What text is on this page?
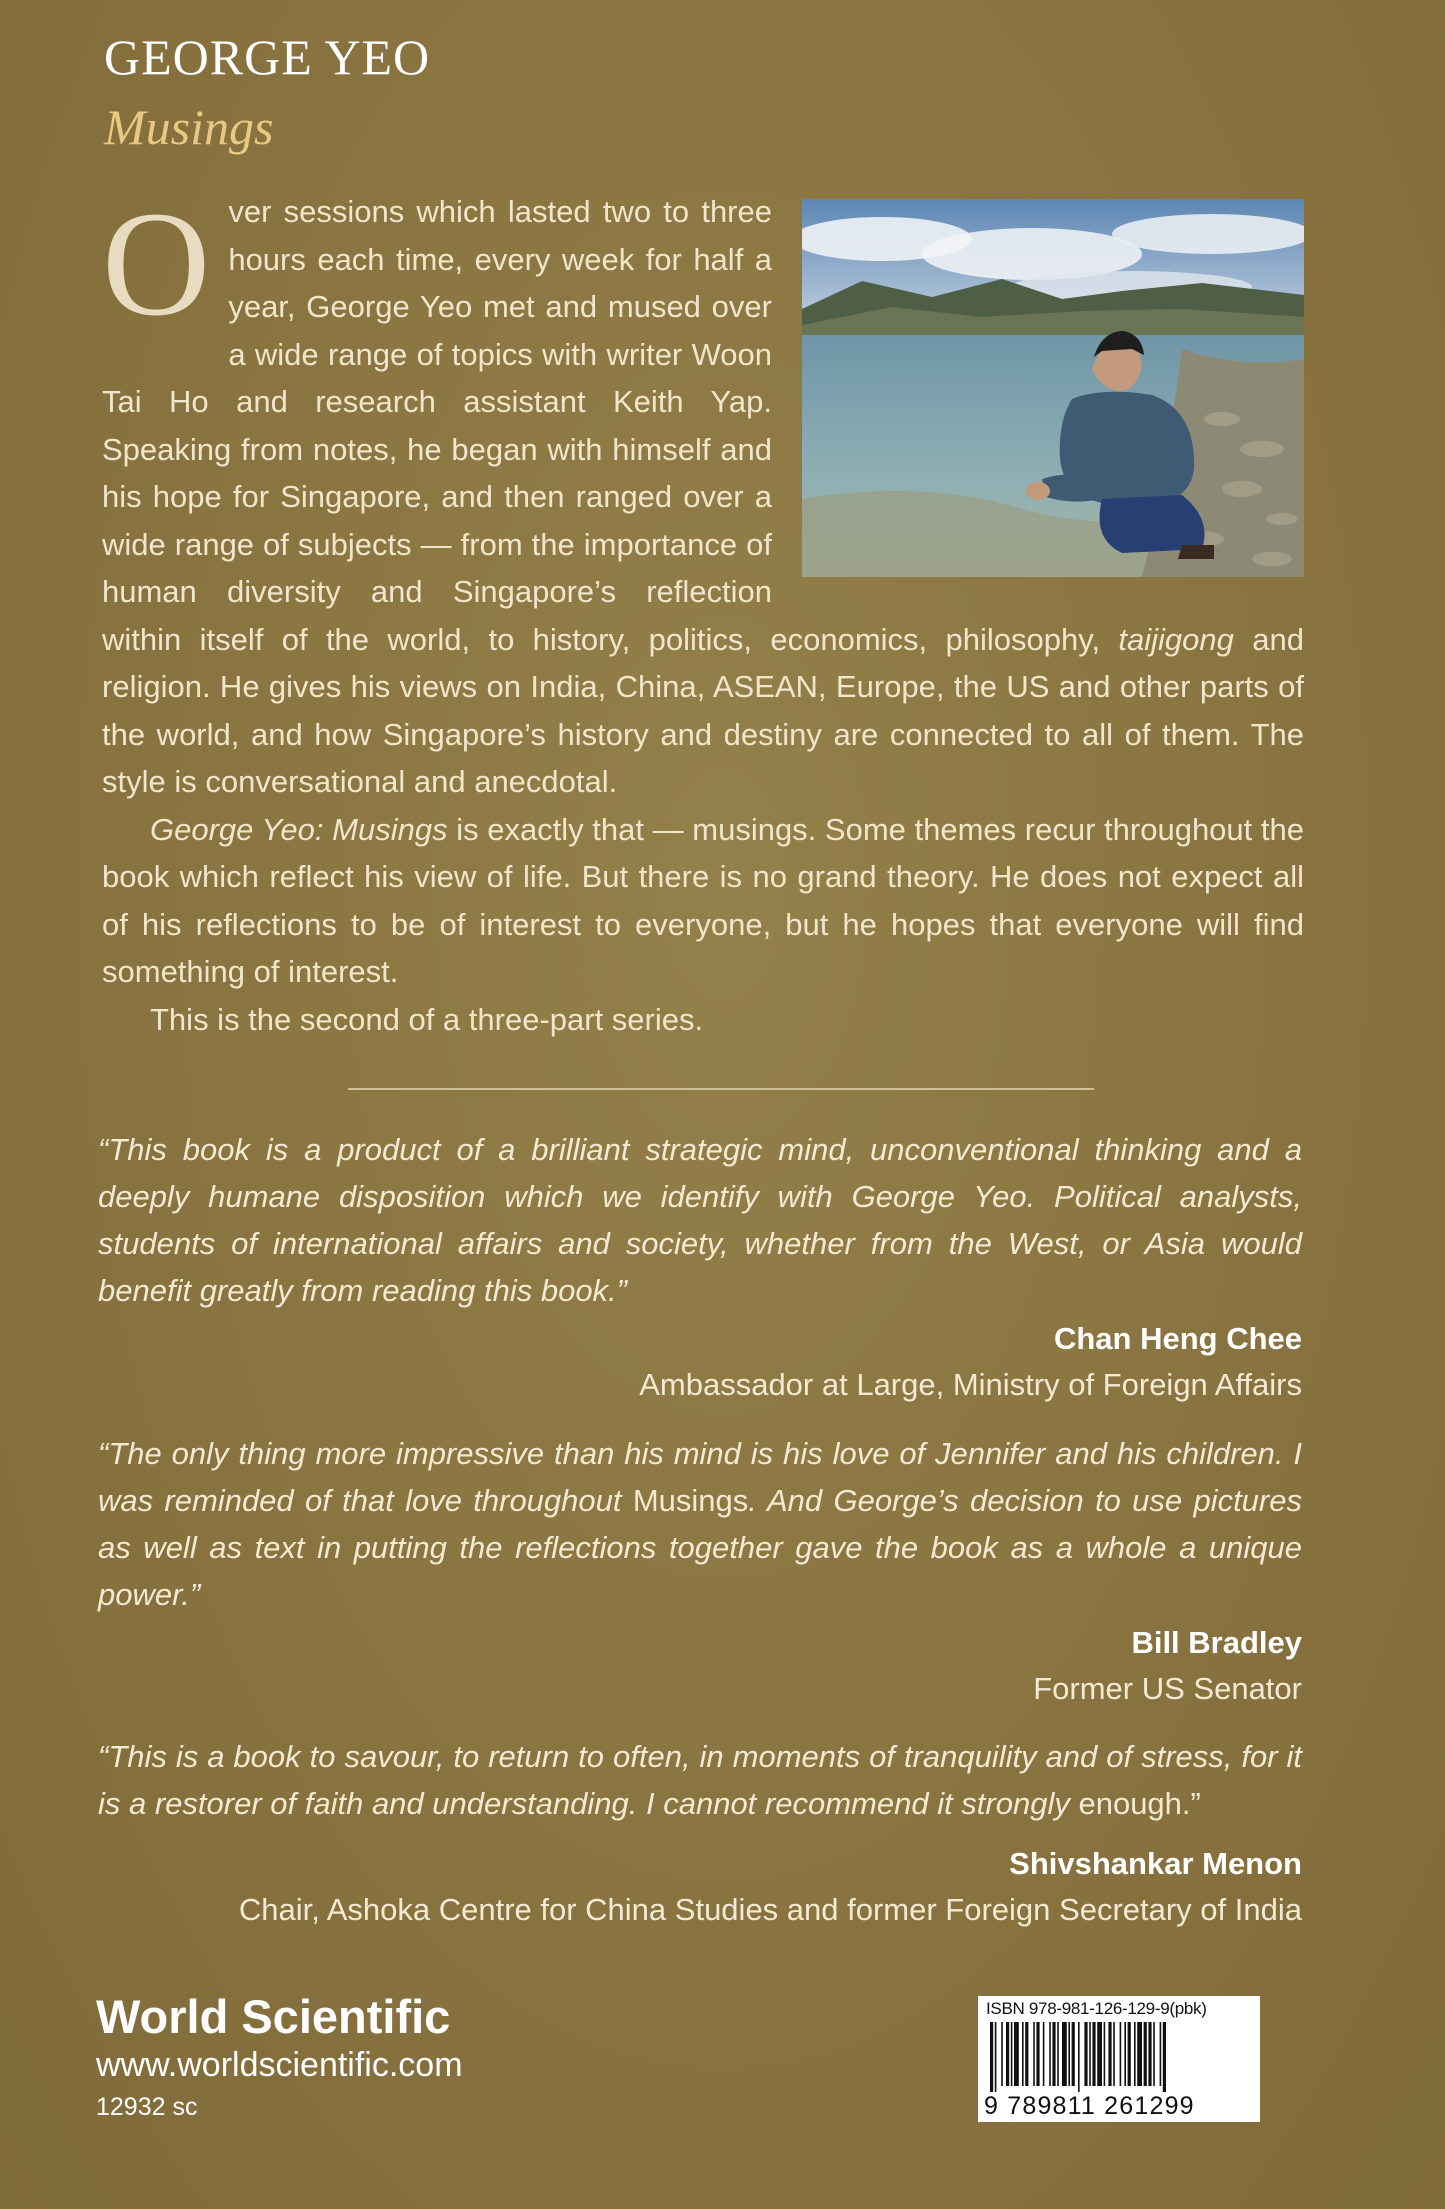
GEORGE YEO
Musings

Over sessions which lasted two to three hours each time, every week for half a year, George Yeo met and mused over a wide range of topics with writer Woon Tai Ho and research assistant Keith Yap. Speaking from notes, he began with himself and his hope for Singapore, and then ranged over a wide range of subjects — from the importance of human diversity and Singapore’s reflection within itself of the world, to history, politics, economics, philosophy, taijigong and religion. He gives his views on India, China, ASEAN, Europe, the US and other parts of the world, and how Singapore’s history and destiny are connected to all of them. The style is conversational and anecdotal.

George Yeo: Musings is exactly that — musings. Some themes recur throughout the book which reflect his view of life. But there is no grand theory. He does not expect all of his reflections to be of interest to everyone, but he hopes that everyone will find something of interest.

This is the second of a three-part series.

“This book is a product of a brilliant strategic mind, unconventional thinking and a deeply humane disposition which we identify with George Yeo. Political analysts, students of international affairs and society, whether from the West, or Asia would benefit greatly from reading this book.”

Chan Heng Chee
Ambassador at Large, Ministry of Foreign Affairs

“The only thing more impressive than his mind is his love of Jennifer and his children. I was reminded of that love throughout Musings. And George’s decision to use pictures as well as text in putting the reflections together gave the book as a whole a unique power.”

Bill Bradley
Former US Senator

“This is a book to savour, to return to often, in moments of tranquility and of stress, for it is a restorer of faith and understanding. I cannot recommend it strongly enough.”

Shivshankar Menon
Chair, Ashoka Centre for China Studies and former Foreign Secretary of India
World Scientific
www.worldscientific.com
12932 sc
ISBN 978-981-126-129-9(pbk)
9 789811 261299
